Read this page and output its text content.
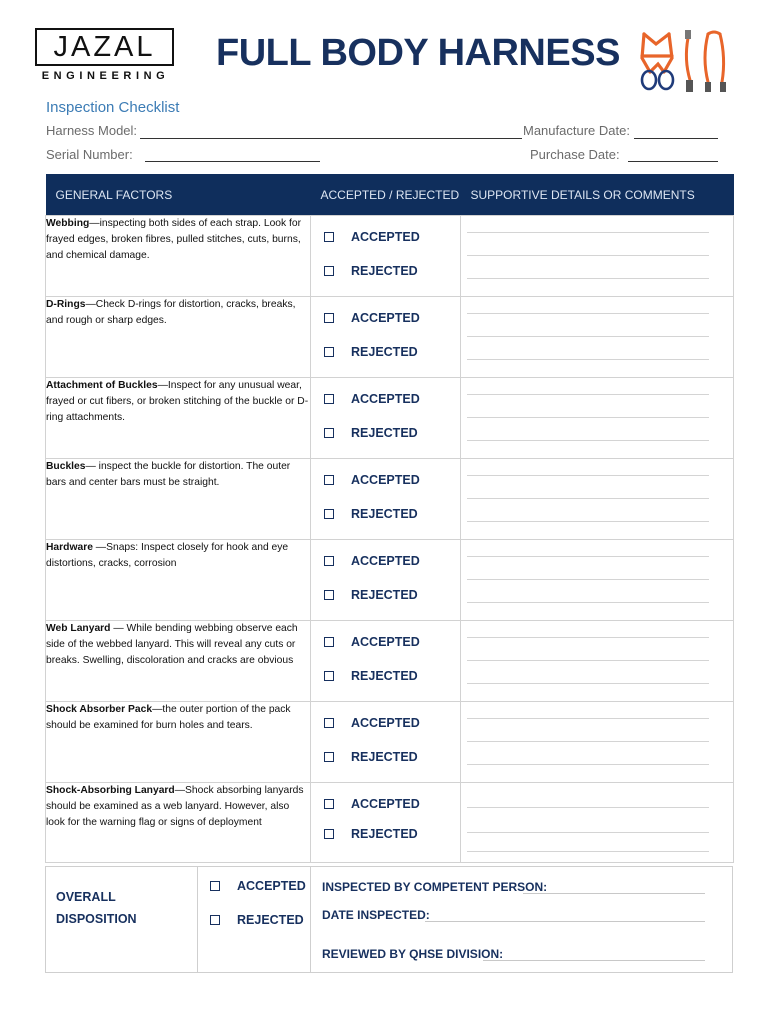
JAZAL
ENGINEERING
FULL BODY HARNESS
Inspection Checklist
Harness Model:	Manufacture Date:
Serial Number:	Purchase Date:
GENERAL FACTORS	ACCEPTED / REJECTED	SUPPORTIVE DETAILS OR COMMENTS

Webbing—inspecting both sides of each strap. Look for frayed edges, broken fibres, pulled stitches, cuts, burns, and chemical damage.	ACCEPTED
REJECTED	

D-Rings—Check D-rings for distortion, cracks, breaks, and rough or sharp edges.	ACCEPTED
REJECTED	

Attachment of Buckles—Inspect for any unusual wear, frayed or cut fibers, or broken stitching of the buckle or D-ring attachments.	ACCEPTED
REJECTED	

Buckles— inspect the buckle for distortion. The outer bars and center bars must be straight.	ACCEPTED
REJECTED	

Hardware —Snaps: Inspect closely for hook and eye distortions, cracks, corrosion	ACCEPTED
REJECTED	

Web Lanyard — While bending webbing observe each side of the webbed lanyard. This will reveal any cuts or breaks. Swelling, discoloration and cracks are obvious	ACCEPTED
REJECTED	

Shock Absorber Pack—the outer portion of the pack should be examined for burn holes and tears.	ACCEPTED
REJECTED	

Shock-Absorbing Lanyard—Shock absorbing lanyards should be examined as a web lanyard. However, also look for the warning flag or signs of deployment	ACCEPTED
REJECTED	

OVERALL
DISPOSITION
ACCEPTED
REJECTED
INSPECTED BY COMPETENT PERSON:
DATE INSPECTED:
REVIEWED BY QHSE DIVISION:
